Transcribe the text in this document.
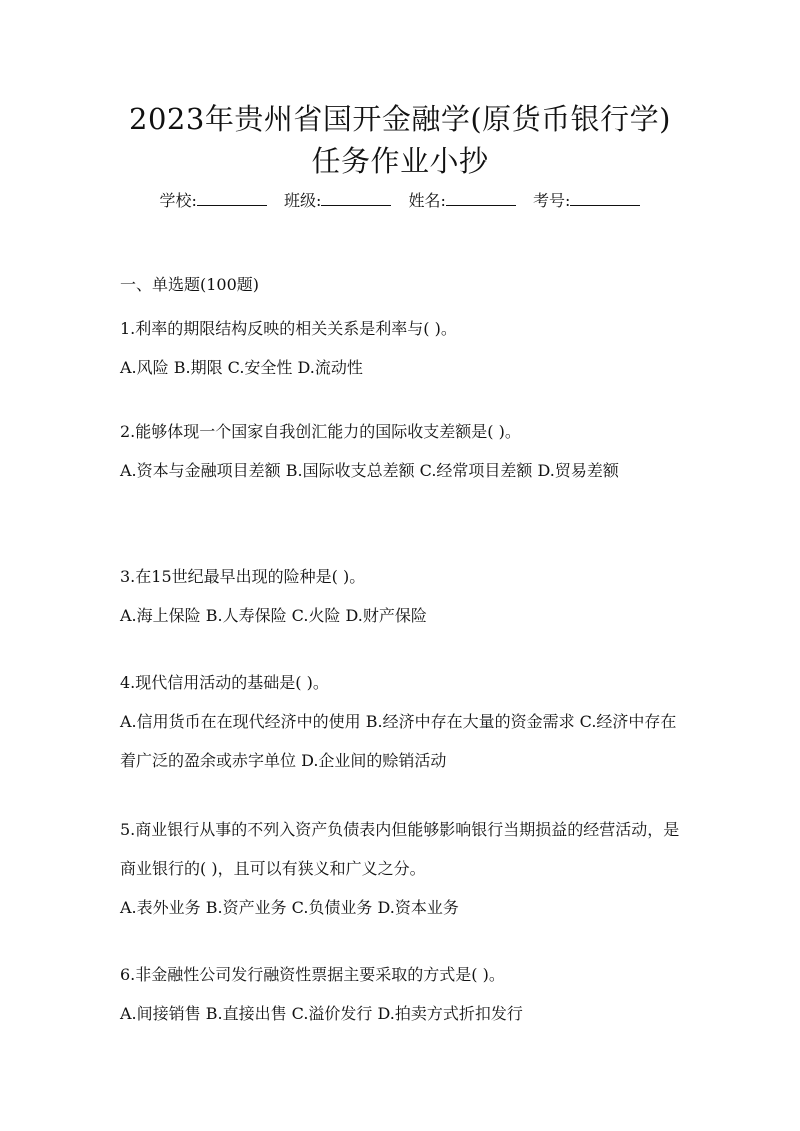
2023年贵州省国开金融学(原货币银行学)
任务作业小抄
学校:	班级:	姓名:	考号:
一、单选题(100题)

1.利率的期限结构反映的相关关系是利率与( )。

A.风险 B.期限 C.安全性 D.流动性

2.能够体现一个国家自我创汇能力的国际收支差额是( )。

A.资本与金融项目差额 B.国际收支总差额 C.经常项目差额 D.贸易差额

3.在15世纪最早出现的险种是( )。

A.海上保险 B.人寿保险 C.火险 D.财产保险

4.现代信用活动的基础是( )。

A.信用货币在在现代经济中的使用 B.经济中存在大量的资金需求 C.经济中存在着广泛的盈余或赤字单位 D.企业间的赊销活动

5.商业银行从事的不列入资产负债表内但能够影响银行当期损益的经营活动，是商业银行的( )，且可以有狭义和广义之分。

A.表外业务 B.资产业务 C.负债业务 D.资本业务

6.非金融性公司发行融资性票据主要采取的方式是( )。

A.间接销售 B.直接出售 C.溢价发行 D.拍卖方式折扣发行
